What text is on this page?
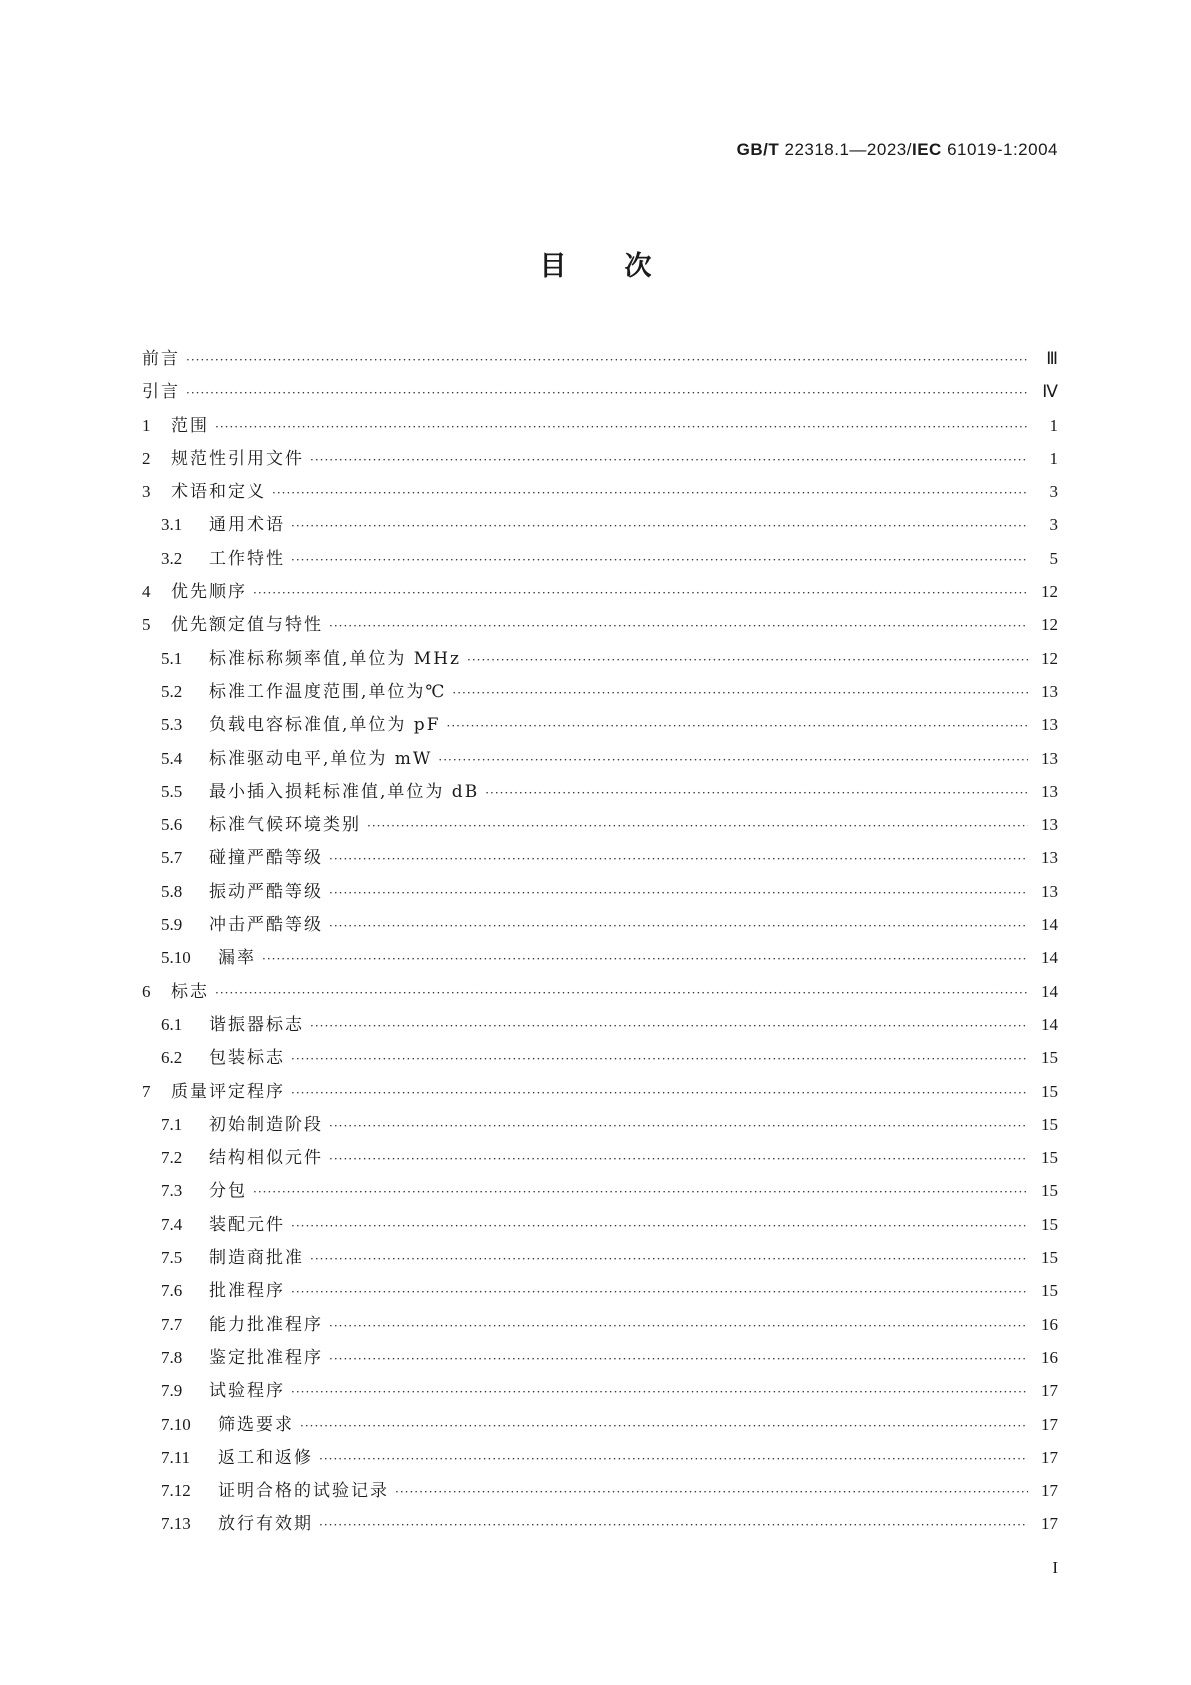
GB/T 22318.1—2023/IEC 61019-1:2004
目次
前言 ·····	Ⅲ
引言 ·····	Ⅳ
1	范围 ·····	1
2	规范性引用文件 ·····	1
3	术语和定义 ·····	3
3.1	通用术语 ·····	3
3.2	工作特性 ·····	5
4	优先顺序 ·····	12
5	优先额定值与特性 ·····	12
5.1	标准标称频率值,单位为 MHz ·····	12
5.2	标准工作温度范围,单位为℃ ·····	13
5.3	负载电容标准值,单位为 pF ·····	13
5.4	标准驱动电平,单位为 mW ·····	13
5.5	最小插入损耗标准值,单位为 dB ·····	13
5.6	标准气候环境类别 ·····	13
5.7	碰撞严酷等级 ·····	13
5.8	振动严酷等级 ·····	13
5.9	冲击严酷等级 ·····	14
5.10	漏率 ·····	14
6	标志 ·····	14
6.1	谐振器标志 ·····	14
6.2	包装标志 ·····	15
7	质量评定程序 ·····	15
7.1	初始制造阶段 ·····	15
7.2	结构相似元件 ·····	15
7.3	分包 ·····	15
7.4	装配元件 ·····	15
7.5	制造商批准 ·····	15
7.6	批准程序 ·····	15
7.7	能力批准程序 ·····	16
7.8	鉴定批准程序 ·····	16
7.9	试验程序 ·····	17
7.10	筛选要求 ·····	17
7.11	返工和返修 ·····	17
7.12	证明合格的试验记录 ·····	17
7.13	放行有效期 ·····	17
I
